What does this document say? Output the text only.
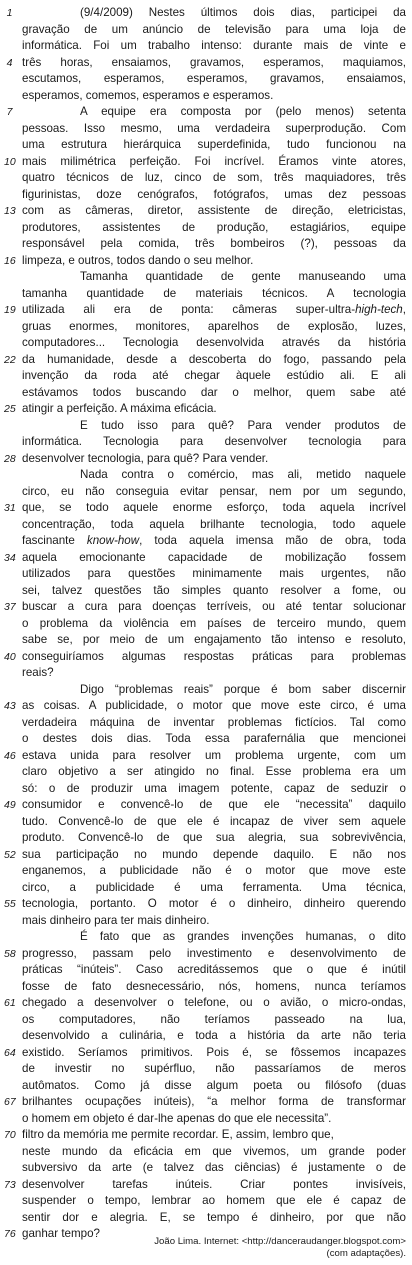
1	(9/4/2009) Nestes últimos dois dias, participei da
gravação de um anúncio de televisão para uma loja de
informática. Foi um trabalho intenso: durante mais de vinte e
4 três horas, ensaiamos, gravamos, esperamos, maquiamos,
escutamos, esperamos, esperamos, gravamos, ensaiamos,
esperamos, comemos, esperamos e esperamos.
7	A equipe era composta por (pelo menos) setenta
pessoas. Isso mesmo, uma verdadeira superprodução. Com
uma estrutura hierárquica superdefinida, tudo funcionou na
10 mais milimétrica perfeição. Foi incrível. Éramos vinte atores,
quatro técnicos de luz, cinco de som, três maquiadores, três
figurinistas, doze cenógrafos, fotógrafos, umas dez pessoas
13 com as câmeras, diretor, assistente de direção, eletricistas,
produtores, assistentes de produção, estagiários, equipe
responsável pela comida, três bombeiros (?), pessoas da
16 limpeza, e outros, todos dando o seu melhor.
Tamanha quantidade de gente manuseando uma
tamanha quantidade de materiais técnicos. A tecnologia
19 utilizada ali era de ponta: câmeras super-ultra-high-tech,
gruas enormes, monitores, aparelhos de explosão, luzes,
computadores... Tecnologia desenvolvida através da história
22 da humanidade, desde a descoberta do fogo, passando pela
invenção da roda até chegar àquele estúdio ali. E ali
estávamos todos buscando dar o melhor, quem sabe até
25 atingir a perfeição. A máxima eficácia.
E tudo isso para quê? Para vender produtos de
informática. Tecnologia para desenvolver tecnologia para
28 desenvolver tecnologia, para quê? Para vender.
Nada contra o comércio, mas ali, metido naquele
circo, eu não conseguia evitar pensar, nem por um segundo,
31 que, se todo aquele enorme esforço, toda aquela incrível
concentração, toda aquela brilhante tecnologia, todo aquele
fascinante know-how, toda aquela imensa mão de obra, toda
34 aquela emocionante capacidade de mobilização fossem
utilizados para questões minimamente mais urgentes, não
sei, talvez questões tão simples quanto resolver a fome, ou
37 buscar a cura para doenças terríveis, ou até tentar solucionar
o problema da violência em países de terceiro mundo, quem
sabe se, por meio de um engajamento tão intenso e resoluto,
40 conseguiríamos algumas respostas práticas para problemas
reais?
Digo “problemas reais” porque é bom saber discernir
43 as coisas. A publicidade, o motor que move este circo, é uma
verdadeira máquina de inventar problemas fictícios. Tal como
o destes dois dias. Toda essa parafernália que mencionei
46 estava unida para resolver um problema urgente, com um
claro objetivo a ser atingido no final. Esse problema era um
só: o de produzir uma imagem potente, capaz de seduzir o
49 consumidor e convencê-lo de que ele “necessita” daquilo
tudo. Convencê-lo de que ele é incapaz de viver sem aquele
produto. Convencê-lo de que sua alegria, sua sobrevivência,
52 sua participação no mundo depende daquilo. E não nos
enganemos, a publicidade não é o motor que move este
circo, a publicidade é uma ferramenta. Uma técnica,
55 tecnologia, portanto. O motor é o dinheiro, dinheiro querendo
mais dinheiro para ter mais dinheiro.
É fato que as grandes invenções humanas, o dito
58 progresso, passam pelo investimento e desenvolvimento de
práticas “inúteis”. Caso acreditássemos que o que é inútil
fosse de fato desnecessário, nós, homens, nunca teríamos
61 chegado a desenvolver o telefone, ou o avião, o micro-ondas,
os computadores, não teríamos passeado na lua,
desenvolvido a culinária, e toda a história da arte não teria
64 existido. Seríamos primitivos. Pois é, se fôssemos incapazes
de investir no supérfluo, não passaríamos de meros
autômatos. Como já disse algum poeta ou filósofo (duas
67 brilhantes ocupações inúteis), “a melhor forma de transformar
o homem em objeto é dar-lhe apenas do que ele necessita”.
70 filtro da memória me permite recordar. E, assim, lembro que,
neste mundo da eficácia em que vivemos, um grande poder
subversivo da arte (e talvez das ciências) é justamente o de
73 desenvolver tarefas inúteis. Criar pontes invisíveis,
suspender o tempo, lembrar ao homem que ele é capaz de
sentir dor e alegria. E, se tempo é dinheiro, por que não
76 ganhar tempo?
João Lima. Internet: <http://danceraudanger.blogspot.com>
(com adaptações).
